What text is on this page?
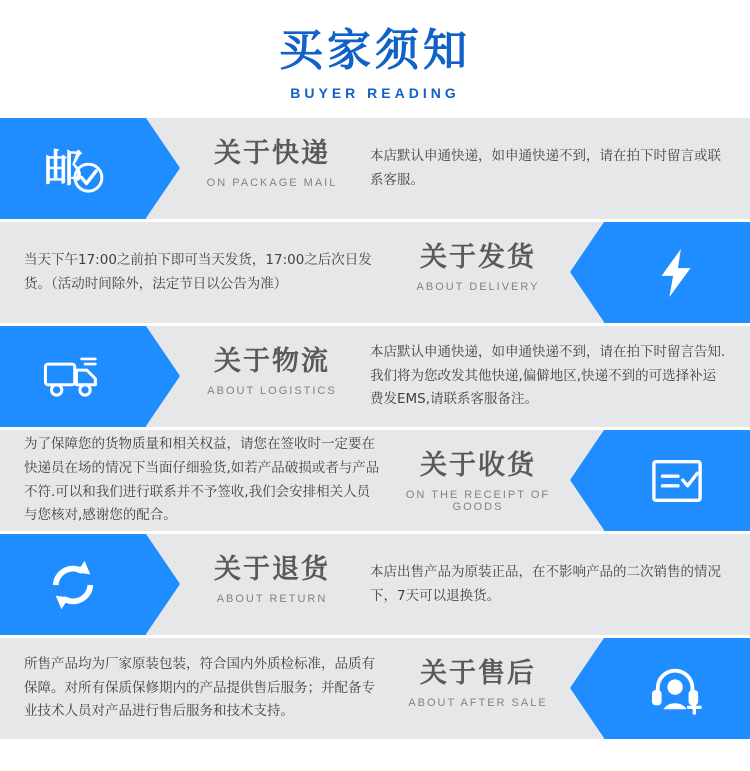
买家须知
BUYER READING
邮	关于快递
ON PACKAGE MAIL

本店默认申通快递，如申通快递不到，请在拍下时留言或联系客服。

关于发货
ABOUT DELIVERY

当天下午17:00之前拍下即可当天发货，17:00之后次日发货。（活动时间除外，法定节日以公告为准）

关于物流
ABOUT LOGISTICS

本店默认申通快递，如申通快递不到，请在拍下时留言告知.我们将为您改发其他快递,偏僻地区,快递不到的可选择补运费发EMS,请联系客服备注。

关于收货
ON THE RECEIPT OF GOODS

为了保障您的货物质量和相关权益，请您在签收时一定要在快递员在场的情况下当面仔细验货,如若产品破损或者与产品不符.可以和我们进行联系并不予签收,我们会安排相关人员与您核对,感谢您的配合。

关于退货
ABOUT RETURN

本店出售产品为原装正品，在不影响产品的二次销售的情况下，7天可以退换货。

关于售后
ABOUT AFTER SALE

所售产品均为厂家原装包装，符合国内外质检标准，品质有保障。对所有保质保修期内的产品提供售后服务；并配备专业技术人员对产品进行售后服务和技术支持。
